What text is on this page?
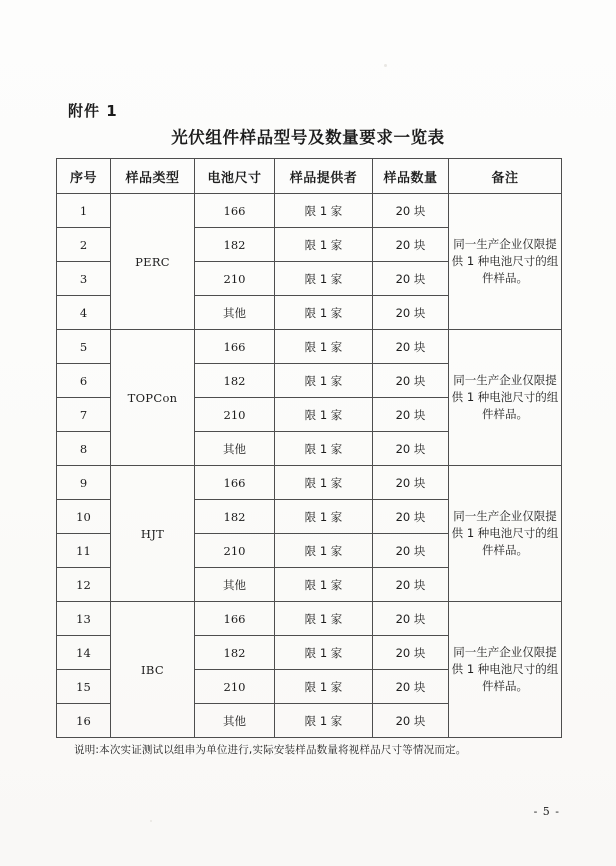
附件 1
光伏组件样品型号及数量要求一览表
序号	样品类型	电池尺寸	样品提供者	样品数量	备注
1	PERC	166	限 1 家	20 块	同一生产企业仅限提供 1 种电池尺寸的组件样品。
2		182	限 1 家	20 块	
3		210	限 1 家	20 块	
4		其他	限 1 家	20 块	
5	TOPCon	166	限 1 家	20 块	同一生产企业仅限提供 1 种电池尺寸的组件样品。
6		182	限 1 家	20 块	
7		210	限 1 家	20 块	
8		其他	限 1 家	20 块	
9	HJT	166	限 1 家	20 块	同一生产企业仅限提供 1 种电池尺寸的组件样品。
10		182	限 1 家	20 块	
11		210	限 1 家	20 块	
12		其他	限 1 家	20 块	
13	IBC	166	限 1 家	20 块	同一生产企业仅限提供 1 种电池尺寸的组件样品。
14		182	限 1 家	20 块	
15		210	限 1 家	20 块	
16		其他	限 1 家	20 块	
说明:本次实证测试以组串为单位进行,实际安装样品数量将视样品尺寸等情况而定。
- 5 -
